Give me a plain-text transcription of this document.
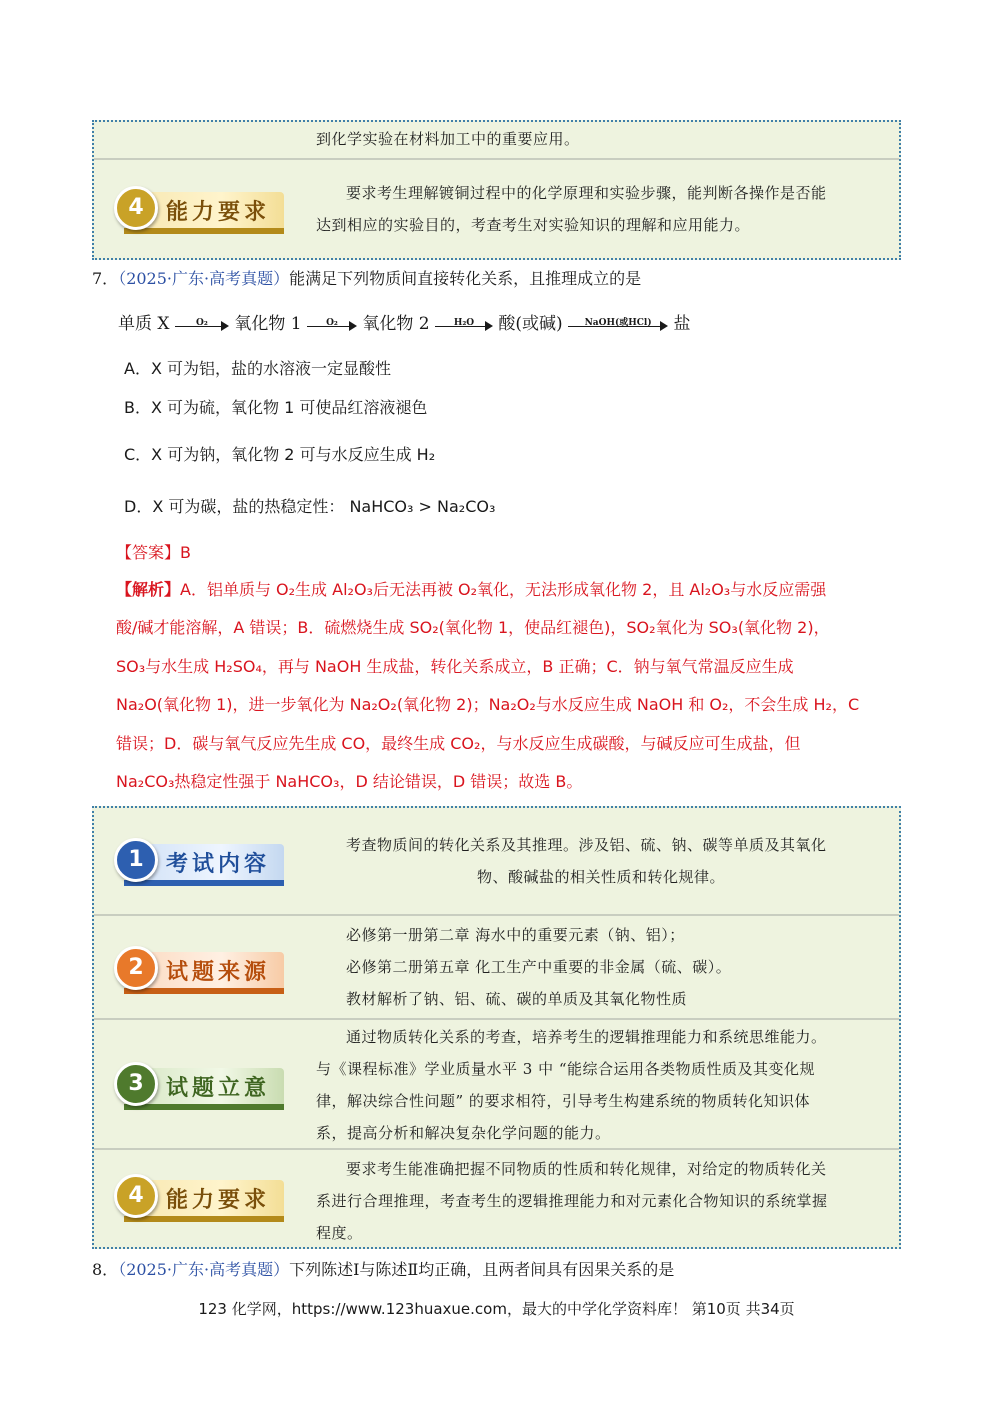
到化学实验在材料加工中的重要应用。
4	能力要求
要求考生理解镀铜过程中的化学原理和实验步骤，能判断各操作是否能
达到相应的实验目的，考查考生对实验知识的理解和应用能力。
7．（2025·广东·高考真题）能满足下列物质间直接转化关系，且推理成立的是
单质 X	O₂	氧化物 1	O₂	氧化物 2	H₂O	酸(或碱)	NaOH(或HCl)	盐
A．X 可为铝，盐的水溶液一定显酸性
B．X 可为硫，氧化物 1 可使品红溶液褪色
C．X 可为钠，氧化物 2 可与水反应生成 H₂
D．X 可为碳，盐的热稳定性： NaHCO₃ > Na₂CO₃
【答案】B
【解析】A．铝单质与 O₂生成 Al₂O₃后无法再被 O₂氧化，无法形成氧化物 2，且 Al₂O₃与水反应需强
酸/碱才能溶解，A 错误；B．硫燃烧生成 SO₂(氧化物 1，使品红褪色)，SO₂氧化为 SO₃(氧化物 2)，
SO₃与水生成 H₂SO₄，再与 NaOH 生成盐，转化关系成立，B 正确；C．钠与氧气常温反应生成
Na₂O(氧化物 1)，进一步氧化为 Na₂O₂(氧化物 2)；Na₂O₂与水反应生成 NaOH 和 O₂，不会生成 H₂，C
错误；D．碳与氧气反应先生成 CO，最终生成 CO₂，与水反应生成碳酸，与碱反应可生成盐，但
Na₂CO₃热稳定性强于 NaHCO₃，D 结论错误，D 错误；故选 B。
1	考试内容
考查物质间的转化关系及其推理。涉及铝、硫、钠、碳等单质及其氧化
物、酸碱盐的相关性质和转化规律。
2	试题来源
必修第一册第二章 海水中的重要元素（钠、铝）；
必修第二册第五章 化工生产中重要的非金属（硫、碳）。
教材解析了钠、铝、硫、碳的单质及其氧化物性质
3	试题立意
通过物质转化关系的考查，培养考生的逻辑推理能力和系统思维能力。
与《课程标准》学业质量水平 3 中 “能综合运用各类物质性质及其变化规
律，解决综合性问题” 的要求相符，引导考生构建系统的物质转化知识体
系，提高分析和解决复杂化学问题的能力。
4	能力要求
要求考生能准确把握不同物质的性质和转化规律，对给定的物质转化关
系进行合理推理，考查考生的逻辑推理能力和对元素化合物知识的系统掌握
程度。
8．（2025·广东·高考真题）下列陈述Ⅰ与陈述Ⅱ均正确，且两者间具有因果关系的是
123 化学网，https://www.123huaxue.com，最大的中学化学资料库！ 第10页 共34页
